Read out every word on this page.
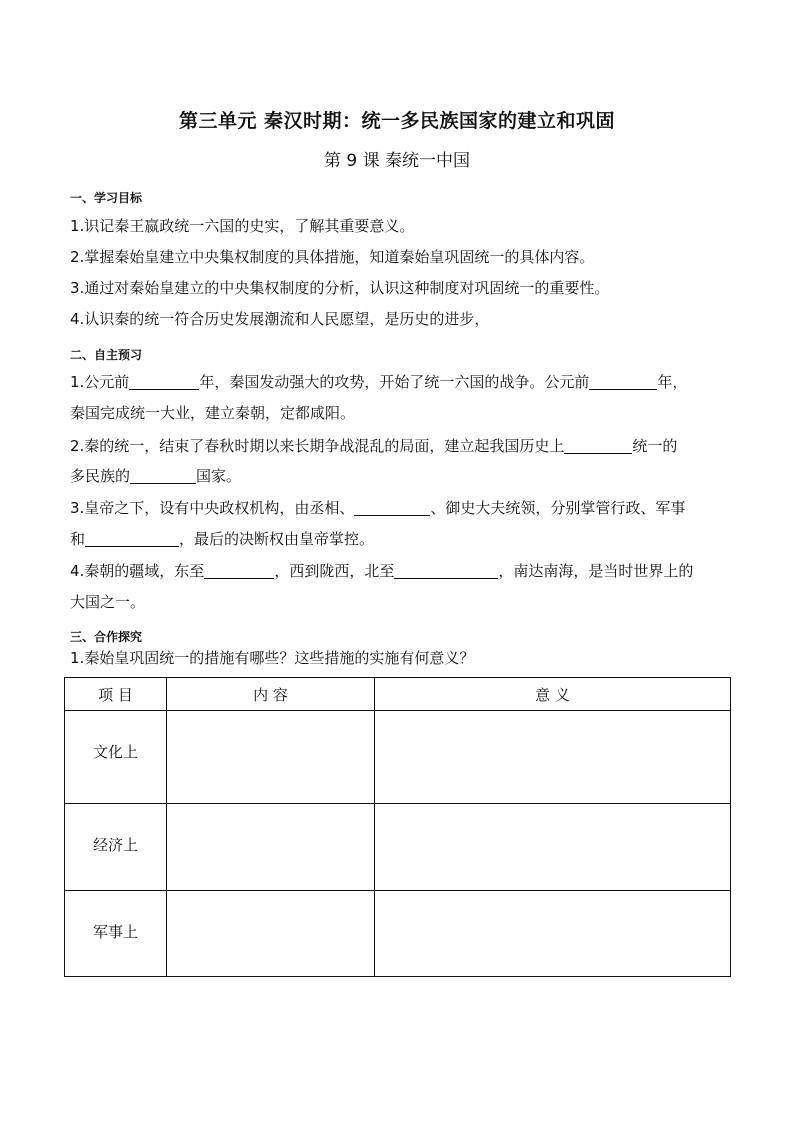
第三单元 秦汉时期：统一多民族国家的建立和巩固
第 9 课 秦统一中国
一、学习目标
1.识记秦王嬴政统一六国的史实，了解其重要意义。
2.掌握秦始皇建立中央集权制度的具体措施，知道秦始皇巩固统一的具体内容。
3.通过对秦始皇建立的中央集权制度的分析，认识这种制度对巩固统一的重要性。
4.认识秦的统一符合历史发展潮流和人民愿望，是历史的进步，
二、自主预习
1.公元前	年，秦国发动强大的攻势，开始了统一六国的战争。公元前	年，
秦国完成统一大业，建立秦朝，定都咸阳。
2.秦的统一，结束了春秋时期以来长期争战混乱的局面，建立起我国历史上	统一的
多民族的	国家。
3.皇帝之下，设有中央政权机构，由丞相、	、御史大夫统领，分别掌管行政、军事
和	，最后的决断权由皇帝掌控。
4.秦朝的疆域，东至	，西到陇西，北至	，南达南海，是当时世界上的
大国之一。
三、合作探究
1.秦始皇巩固统一的措施有哪些？这些措施的实施有何意义？
项 目	内 容	意 义
文化上		
经济上		
军事上		
